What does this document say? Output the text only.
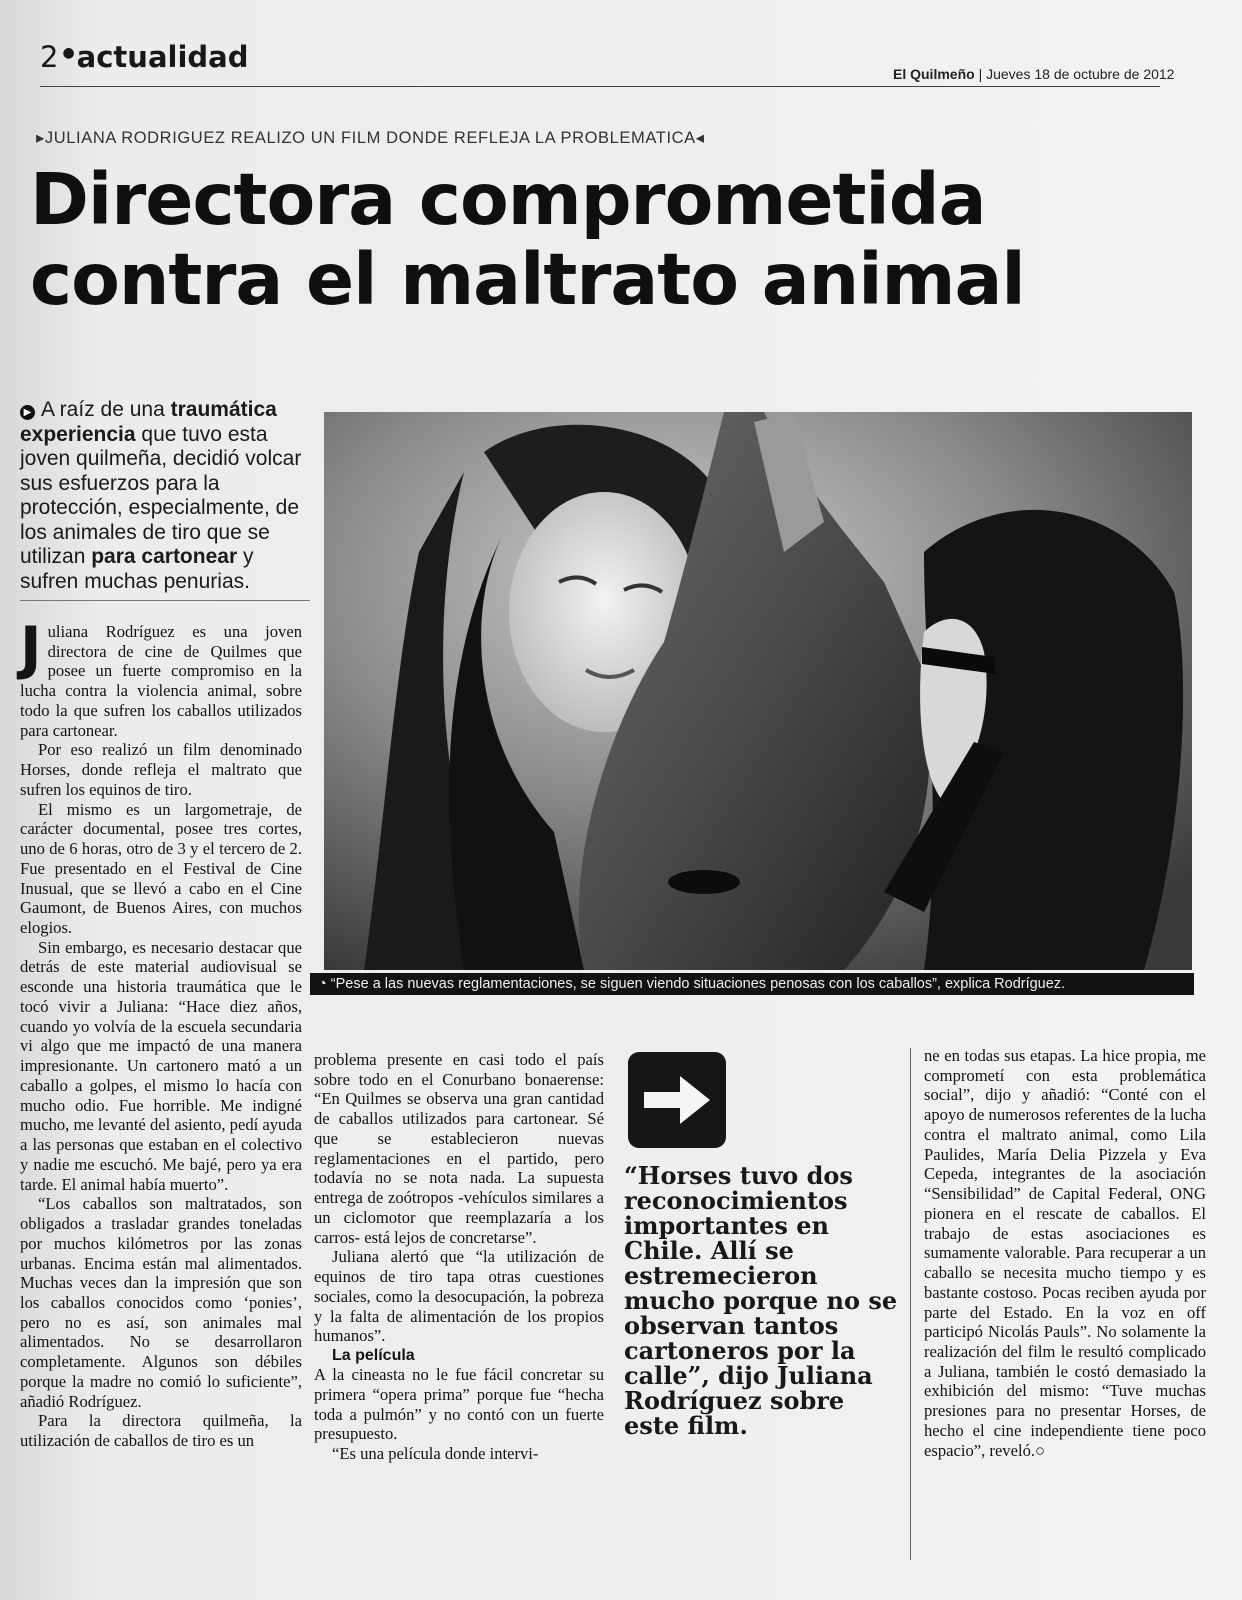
2 ●actualidad	El Quilmeño | Jueves 18 de octubre de 2012
▸JULIANA RODRIGUEZ REALIZO UN FILM DONDE REFLEJA LA PROBLEMATICA◂
Directora comprometida
contra el maltrato animal
▶ A raíz de una traumática experiencia que tuvo esta joven quilmeña, decidió volcar sus esfuerzos para la protección, especialmente, de los animales de tiro que se utilizan para cartonear y sufren muchas penurias.

Juliana Rodríguez es una joven directora de cine de Quilmes que posee un fuerte compromiso en la lucha contra la violencia animal, sobre todo la que sufren los caballos utilizados para cartonear.

Por eso realizó un film denominado Horses, donde refleja el maltrato que sufren los equinos de tiro.

El mismo es un largometraje, de carácter documental, posee tres cortes, uno de 6 horas, otro de 3 y el tercero de 2. Fue presentado en el Festival de Cine Inusual, que se llevó a cabo en el Cine Gaumont, de Buenos Aires, con muchos elogios.

Sin embargo, es necesario destacar que detrás de este material audiovisual se esconde una historia traumática que le tocó vivir a Juliana: “Hace diez años, cuando yo volvía de la escuela secundaria vi algo que me impactó de una manera impresionante. Un cartonero mató a un caballo a golpes, el mismo lo hacía con mucho odio. Fue horrible. Me indigné mucho, me levanté del asiento, pedí ayuda a las personas que estaban en el colectivo y nadie me escuchó. Me bajé, pero ya era tarde. El animal había muerto”.

“Los caballos son maltratados, son obligados a trasladar grandes toneladas por muchos kilómetros por las zonas urbanas. Encima están mal alimentados. Muchas veces dan la impresión que son los caballos conocidos como ‘ponies’, pero no es así, son animales mal alimentados. No se desarrollaron completamente. Algunos son débiles porque la madre no comió lo suficiente”, añadió Rodríguez.

Para la directora quilmeña, la utilización de caballos de tiro es un

◔ “Pese a las nuevas reglamentaciones, se siguen viendo situaciones penosas con los caballos”, explica Rodríguez.

problema presente en casi todo el país sobre todo en el Conurbano bonaerense: “En Quilmes se observa una gran cantidad de caballos utilizados para cartonear. Sé que se establecieron nuevas reglamentaciones en el partido, pero todavía no se nota nada. La supuesta entrega de zoótropos -vehículos similares a un ciclomotor que reemplazaría a los carros- está lejos de concretarse”.

Juliana alertó que “la utilización de equinos de tiro tapa otras cuestiones sociales, como la desocupación, la pobreza y la falta de alimentación de los propios humanos”.

La película

A la cineasta no le fue fácil concretar su primera “opera prima” porque fue “hecha toda a pulmón” y no contó con un fuerte presupuesto.

“Es una película donde intervi-

“Horses tuvo dos reconocimientos importantes en Chile. Allí se estremecieron mucho porque no se observan tantos cartoneros por la calle”, dijo Juliana Rodríguez sobre este film.

ne en todas sus etapas. La hice propia, me comprometí con esta problemática social”, dijo y añadió: “Conté con el apoyo de numerosos referentes de la lucha contra el maltrato animal, como Lila Paulides, María Delia Pizzela y Eva Cepeda, integrantes de la asociación “Sensibilidad” de Capital Federal, ONG pionera en el rescate de caballos. El trabajo de estas asociaciones es sumamente valorable. Para recuperar a un caballo se necesita mucho tiempo y es bastante costoso. Pocas reciben ayuda por parte del Estado. En la voz en off participó Nicolás Pauls”. No solamente la realización del film le resultó complicado a Juliana, también le costó demasiado la exhibición del mismo: “Tuve muchas presiones para no presentar Horses, de hecho el cine independiente tiene poco espacio”, reveló.○
